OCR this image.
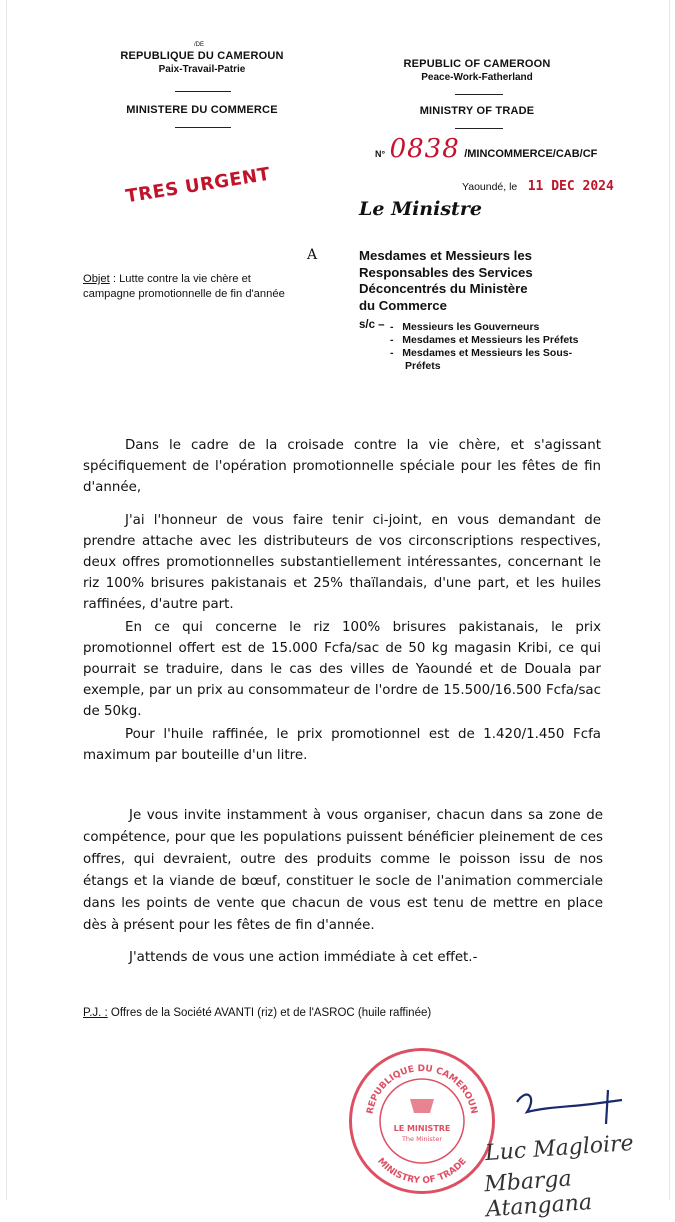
/DE
REPUBLIQUE DU CAMEROUN
Paix-Travail-Patrie
MINISTERE DU COMMERCE
REPUBLIC OF CAMEROON
Peace-Work-Fatherland
MINISTRY OF TRADE
N° 0838 /MINCOMMERCE/CAB/CF
TRES URGENT	Yaoundé, le 11 DEC 2024
Le Ministre
A
Objet : Lutte contre la vie chère et
campagne promotionnelle de fin d'année
Mesdames et Messieurs les
Responsables des Services
Déconcentrés du Ministère
du Commerce
s/c – -   Messieurs les Gouverneurs
-   Mesdames et Messieurs les Préfets
-   Mesdames et Messieurs les Sous-
Préfets
Dans le cadre de la croisade contre la vie chère, et s'agissant spécifiquement de l'opération promotionnelle spéciale pour les fêtes de fin d'année,
J'ai l'honneur de vous faire tenir ci-joint, en vous demandant de prendre attache avec les distributeurs de vos circonscriptions respectives, deux offres promotionnelles substantiellement intéressantes, concernant le riz 100% brisures pakistanais et 25% thaïlandais, d'une part, et les huiles raffinées, d'autre part.
En ce qui concerne le riz 100% brisures pakistanais, le prix promotionnel offert est de 15.000 Fcfa/sac de 50 kg magasin Kribi, ce qui pourrait se traduire, dans le cas des villes de Yaoundé et de Douala par exemple, par un prix au consommateur de l'ordre de 15.500/16.500 Fcfa/sac de 50kg.
Pour l'huile raffinée, le prix promotionnel est de 1.420/1.450 Fcfa maximum par bouteille d'un litre.
Je vous invite instamment à vous organiser, chacun dans sa zone de compétence, pour que les populations puissent bénéficier pleinement de ces offres, qui devraient, outre des produits comme le poisson issu de nos étangs et la viande de bœuf, constituer le socle de l'animation commerciale dans les points de vente que chacun de vous est tenu de mettre en place dès à présent pour les fêtes de fin d'année.
J'attends de vous une action immédiate à cet effet.-
P.J. : Offres de la Société AVANTI (riz) et de l'ASROC (huile raffinée)
REPUBLIQUE DU CAMEROUN
MINISTRY OF TRADE
LE MINISTRE
The Minister Luc Magloire
Mbarga Atangana
